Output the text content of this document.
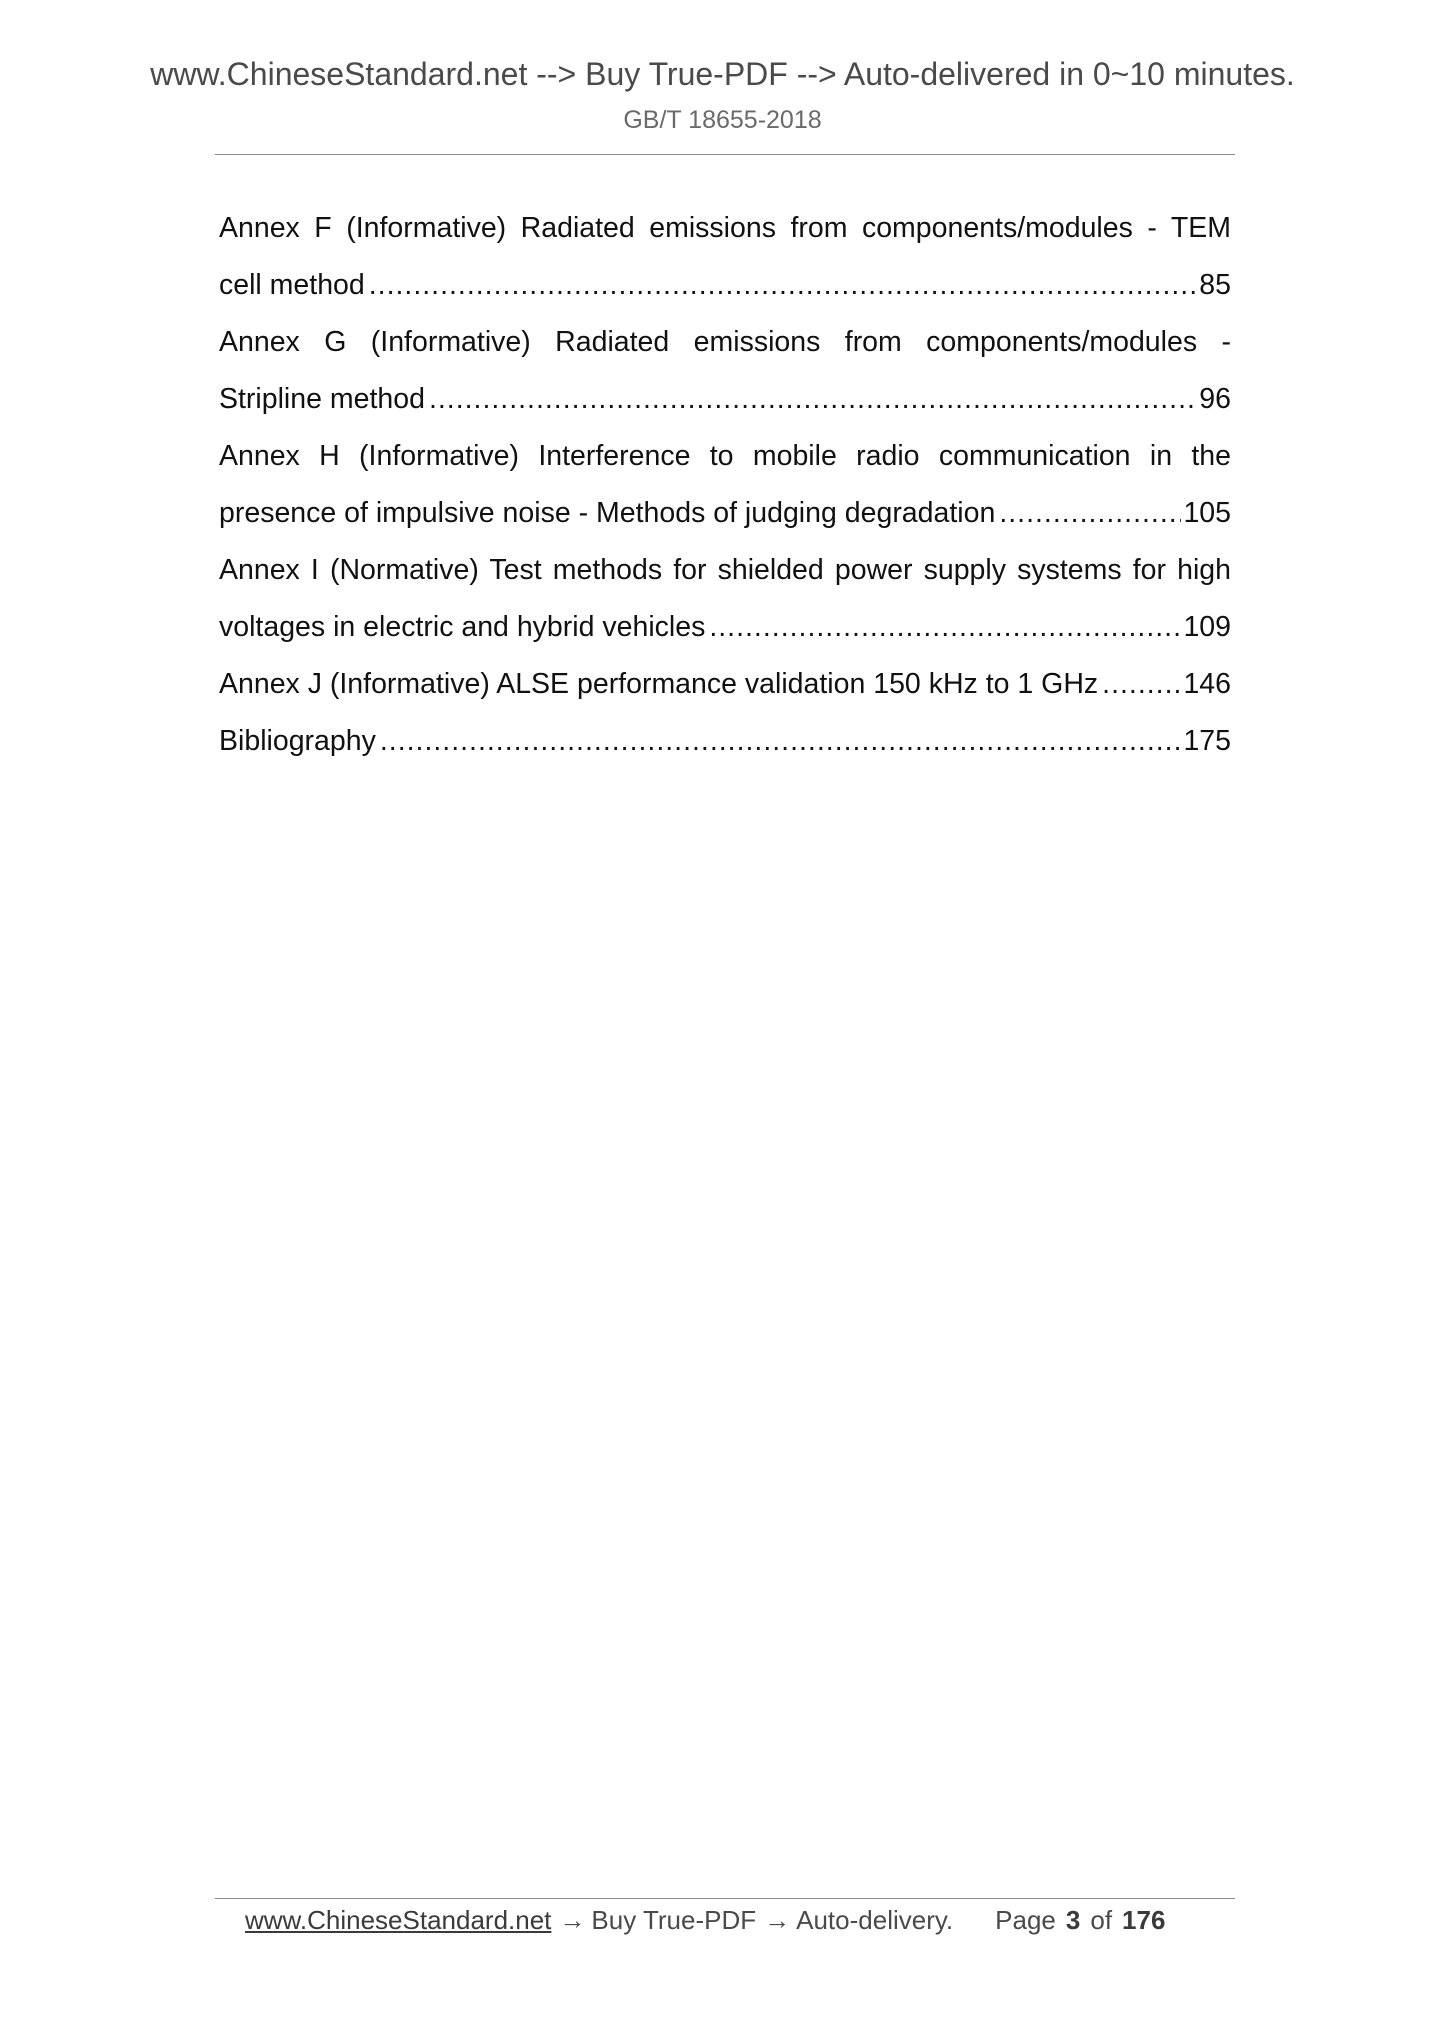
www.ChineseStandard.net --> Buy True-PDF --> Auto-delivered in 0~10 minutes.
GB/T 18655-2018
Annex F (Informative) Radiated emissions from components/modules - TEM
cell method .....	85
Annex G (Informative) Radiated emissions from components/modules -
Stripline method .....	96
Annex H (Informative) Interference to mobile radio communication in the
presence of impulsive noise - Methods of judging degradation .....	105
Annex I (Normative) Test methods for shielded power supply systems for high
voltages in electric and hybrid vehicles .....	109
Annex J (Informative) ALSE performance validation 150 kHz to 1 GHz .....	146
Bibliography .....	175
www.ChineseStandard.net → Buy True-PDF → Auto-delivery. Page 3 of 176
